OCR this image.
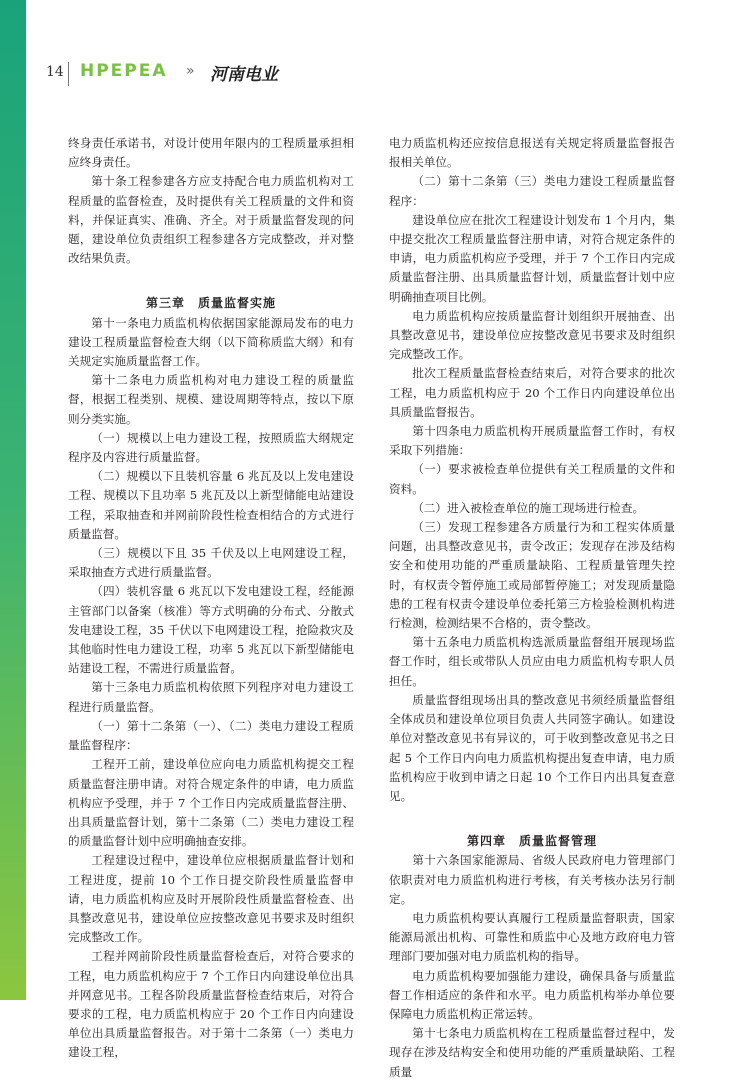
14 HPEPEA » 河南电业

终身责任承诺书，对设计使用年限内的工程质量承担相应终身责任。

第十条工程参建各方应支持配合电力质监机构对工程质量的监督检查，及时提供有关工程质量的文件和资料，并保证真实、准确、齐全。对于质量监督发现的问题，建设单位负责组织工程参建各方完成整改，并对整改结果负责。

第三章　质量监督实施

第十一条电力质监机构依据国家能源局发布的电力建设工程质量监督检查大纲（以下简称质监大纲）和有关规定实施质量监督工作。

第十二条电力质监机构对电力建设工程的质量监督，根据工程类别、规模、建设周期等特点，按以下原则分类实施。

（一）规模以上电力建设工程，按照质监大纲规定程序及内容进行质量监督。

（二）规模以下且装机容量 6 兆瓦及以上发电建设工程、规模以下且功率 5 兆瓦及以上新型储能电站建设工程，采取抽查和并网前阶段性检查相结合的方式进行质量监督。

（三）规模以下且 35 千伏及以上电网建设工程，采取抽查方式进行质量监督。

（四）装机容量 6 兆瓦以下发电建设工程，经能源主管部门以备案（核准）等方式明确的分布式、分散式发电建设工程，35 千伏以下电网建设工程，抢险救灾及其他临时性电力建设工程，功率 5 兆瓦以下新型储能电站建设工程，不需进行质量监督。

第十三条电力质监机构依照下列程序对电力建设工程进行质量监督。

（一）第十二条第（一）、（二）类电力建设工程质量监督程序：

工程开工前，建设单位应向电力质监机构提交工程质量监督注册申请。对符合规定条件的申请，电力质监机构应予受理，并于 7 个工作日内完成质量监督注册、出具质量监督计划，第十二条第（二）类电力建设工程的质量监督计划中应明确抽查安排。

工程建设过程中，建设单位应根据质量监督计划和工程进度，提前 10 个工作日提交阶段性质量监督申请，电力质监机构应及时开展阶段性质量监督检查、出具整改意见书，建设单位应按整改意见书要求及时组织完成整改工作。

工程并网前阶段性质量监督检查后，对符合要求的工程，电力质监机构应于 7 个工作日内向建设单位出具并网意见书。工程各阶段质量监督检查结束后，对符合要求的工程，电力质监机构应于 20 个工作日内向建设单位出具质量监督报告。对于第十二条第（一）类电力建设工程，

电力质监机构还应按信息报送有关规定将质量监督报告报相关单位。

（二）第十二条第（三）类电力建设工程质量监督程序：

建设单位应在批次工程建设计划发布 1 个月内，集中提交批次工程质量监督注册申请，对符合规定条件的申请，电力质监机构应予受理，并于 7 个工作日内完成质量监督注册、出具质量监督计划，质量监督计划中应明确抽查项目比例。

电力质监机构应按质量监督计划组织开展抽查、出具整改意见书，建设单位应按整改意见书要求及时组织完成整改工作。

批次工程质量监督检查结束后，对符合要求的批次工程，电力质监机构应于 20 个工作日内向建设单位出具质量监督报告。

第十四条电力质监机构开展质量监督工作时，有权采取下列措施：

（一）要求被检查单位提供有关工程质量的文件和资料。

（二）进入被检查单位的施工现场进行检查。

（三）发现工程参建各方质量行为和工程实体质量问题，出具整改意见书，责令改正；发现存在涉及结构安全和使用功能的严重质量缺陷、工程质量管理失控时，有权责令暂停施工或局部暂停施工；对发现质量隐患的工程有权责令建设单位委托第三方检验检测机构进行检测，检测结果不合格的，责令整改。

第十五条电力质监机构选派质量监督组开展现场监督工作时，组长或带队人员应由电力质监机构专职人员担任。

质量监督组现场出具的整改意见书须经质量监督组全体成员和建设单位项目负责人共同签字确认。如建设单位对整改意见书有异议的，可于收到整改意见书之日起 5 个工作日内向电力质监机构提出复查申请，电力质监机构应于收到申请之日起 10 个工作日内出具复查意见。

第四章　质量监督管理

第十六条国家能源局、省级人民政府电力管理部门依职责对电力质监机构进行考核，有关考核办法另行制定。

电力质监机构要认真履行工程质量监督职责，国家能源局派出机构、可靠性和质监中心及地方政府电力管理部门要加强对电力质监机构的指导。

电力质监机构要加强能力建设，确保具备与质量监督工作相适应的条件和水平。电力质监机构举办单位要保障电力质监机构正常运转。

第十七条电力质监机构在工程质量监督过程中，发现存在涉及结构安全和使用功能的严重质量缺陷、工程质量
